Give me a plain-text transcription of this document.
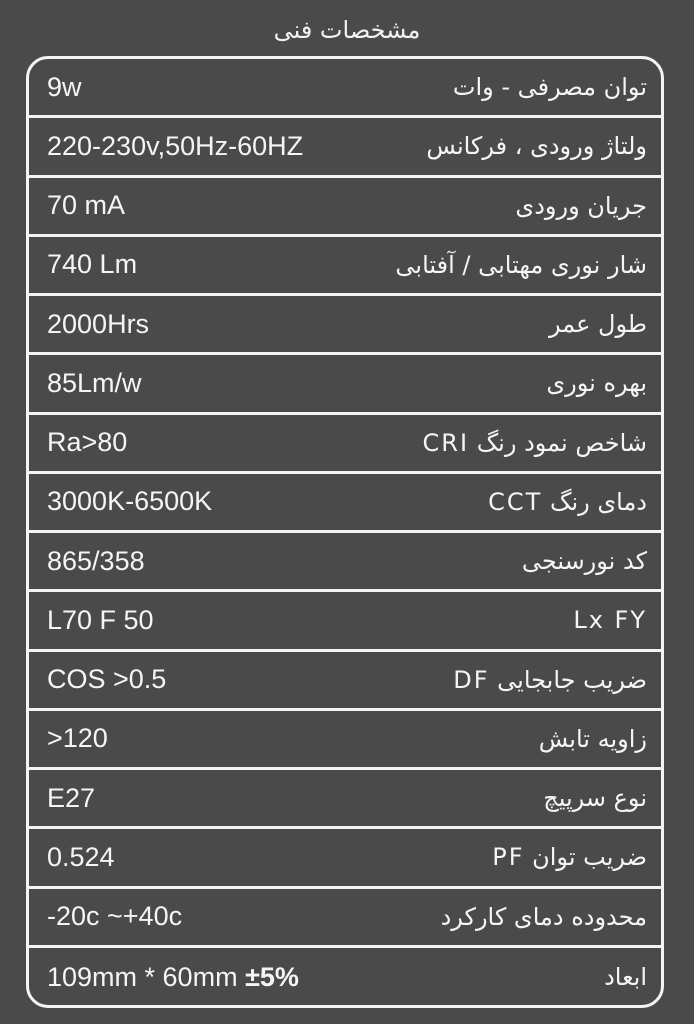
مشخصات فنی
9w	توان مصرفی - وات
220-230v,50Hz-60HZ	ولتاژ ورودی ، فرکانس
70 mA	جریان ورودی
740 Lm	شار نوری مهتابی / آفتابی
2000Hrs	طول عمر
85Lm/w	بهره نوری
Ra>80	شاخص نمود رنگ CRI
3000K-6500K	دمای رنگ CCT
865/358	کد نورسنجی
L70 F 50	Lx FY
COS >0.5	ضریب جابجایی DF
>120	زاویه تابش
E27	نوع سرپیچ
0.524	ضریب توان PF
-20c ~+40c	محدوده دمای کارکرد
109mm * 60mm ±5%	ابعاد
